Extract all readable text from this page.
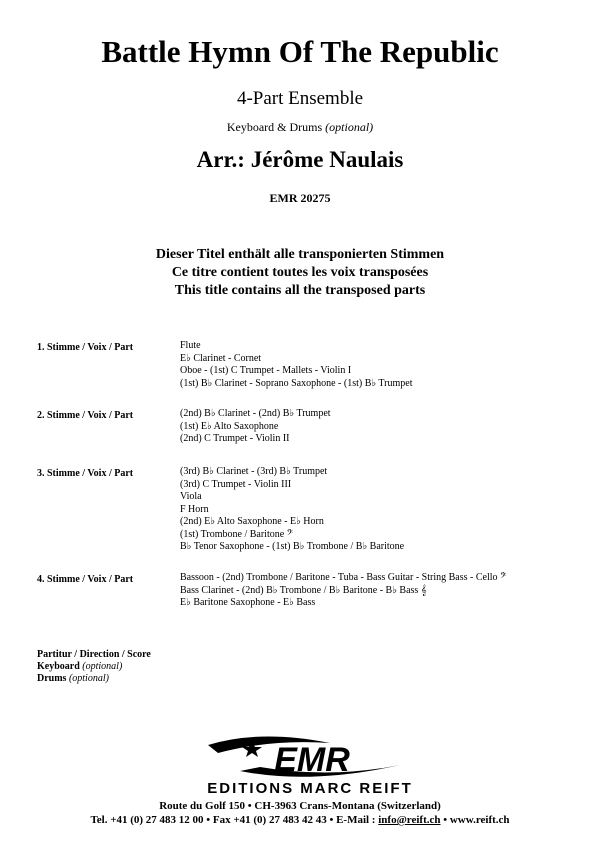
Battle Hymn Of The Republic
4-Part Ensemble
Keyboard & Drums (optional)
Arr.: Jérôme Naulais
EMR 20275
Dieser Titel enthält alle transponierten Stimmen
Ce titre contient toutes les voix transposées
This title contains all the transposed parts
1. Stimme / Voix / Part	Flute
E♭ Clarinet - Cornet
Oboe - (1st) C Trumpet - Mallets - Violin I
(1st) B♭ Clarinet - Soprano Saxophone - (1st) B♭ Trumpet
2. Stimme / Voix / Part	(2nd) B♭ Clarinet - (2nd) B♭ Trumpet
(1st) E♭ Alto Saxophone
(2nd) C Trumpet - Violin II
3. Stimme / Voix / Part	(3rd) B♭ Clarinet - (3rd) B♭ Trumpet
(3rd) C Trumpet - Violin III
Viola
F Horn
(2nd) E♭ Alto Saxophone - E♭ Horn
(1st) Trombone / Baritone 𝄢
B♭ Tenor Saxophone - (1st) B♭ Trombone / B♭ Baritone
4. Stimme / Voix / Part	Bassoon - (2nd) Trombone / Baritone - Tuba - Bass Guitar - String Bass - Cello 𝄢
Bass Clarinet - (2nd) B♭ Trombone / B♭ Baritone - B♭ Bass 𝄞
E♭ Baritone Saxophone - E♭ Bass
Partitur / Direction / Score
Keyboard (optional)
Drums (optional)
EMR
EDITIONS MARC REIFT
Route du Golf 150 • CH-3963 Crans-Montana (Switzerland)
Tel. +41 (0) 27 483 12 00 • Fax +41 (0) 27 483 42 43 • E-Mail : info@reift.ch • www.reift.ch
